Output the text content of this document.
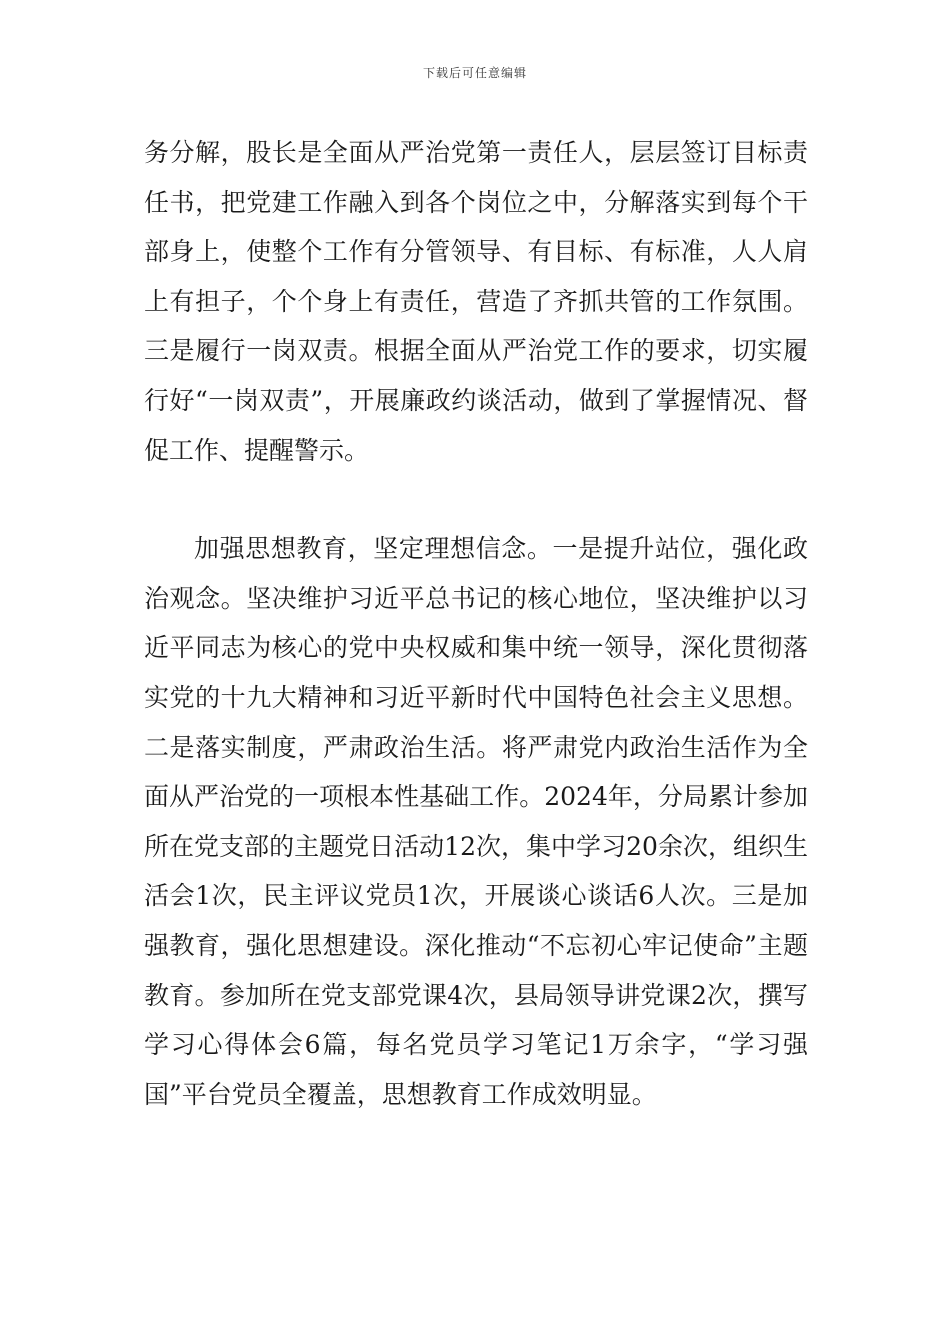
下载后可任意编辑

务分解，股长是全面从严治党第一责任人，层层签订目标责任书，把党建工作融入到各个岗位之中，分解落实到每个干部身上，使整个工作有分管领导、有目标、有标准，人人肩上有担子，个个身上有责任，营造了齐抓共管的工作氛围。三是履行一岗双责。根据全面从严治党工作的要求，切实履行好“一岗双责”，开展廉政约谈活动，做到了掌握情况、督促工作、提醒警示。

加强思想教育，坚定理想信念。一是提升站位，强化政治观念。坚决维护习近平总书记的核心地位，坚决维护以习近平同志为核心的党中央权威和集中统一领导，深化贯彻落实党的十九大精神和习近平新时代中国特色社会主义思想。二是落实制度，严肃政治生活。将严肃党内政治生活作为全面从严治党的一项根本性基础工作。2024年，分局累计参加所在党支部的主题党日活动12次，集中学习20余次，组织生活会1次，民主评议党员1次，开展谈心谈话6人次。三是加强教育，强化思想建设。深化推动“不忘初心牢记使命”主题教育。参加所在党支部党课4次，县局领导讲党课2次，撰写学习心得体会6篇，每名党员学习笔记1万余字，“学习强国”平台党员全覆盖，思想教育工作成效明显。
